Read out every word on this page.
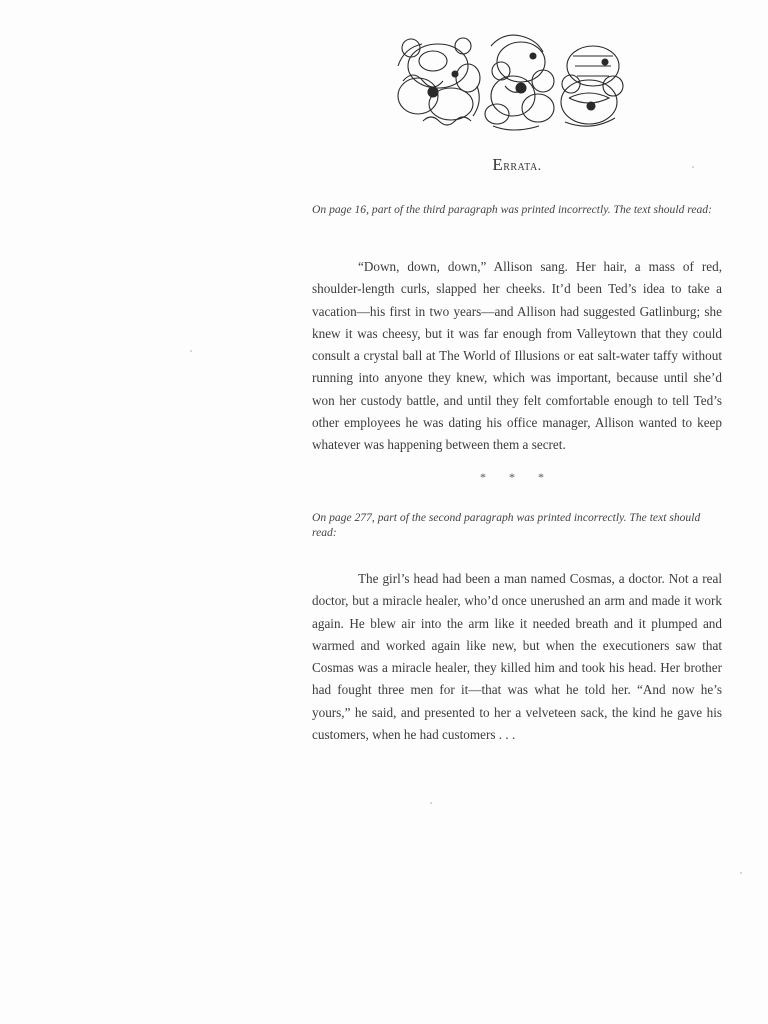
Errata.
On page 16, part of the third paragraph was printed incorrectly. The text should read:
“Down, down, down,” Allison sang. Her hair, a mass of red, shoulder-length curls, slapped her cheeks. It’d been Ted’s idea to take a vacation—his first in two years—and Allison had suggested Gatlinburg; she knew it was cheesy, but it was far enough from Valleytown that they could consult a crystal ball at The World of Illusions or eat salt-water taffy without running into anyone they knew, which was important, because until she’d won her custody battle, and until they felt comfortable enough to tell Ted’s other employees he was dating his office manager, Allison wanted to keep whatever was happening between them a secret.
* * *
On page 277, part of the second paragraph was printed incorrectly. The text should read:
The girl’s head had been a man named Cosmas, a doctor. Not a real doctor, but a miracle healer, who’d once unerushed an arm and made it work again. He blew air into the arm like it needed breath and it plumped and warmed and worked again like new, but when the executioners saw that Cosmas was a miracle healer, they killed him and took his head. Her brother had fought three men for it—that was what he told her. “And now he’s yours,” he said, and presented to her a velveteen sack, the kind he gave his customers, when he had customers . . .
